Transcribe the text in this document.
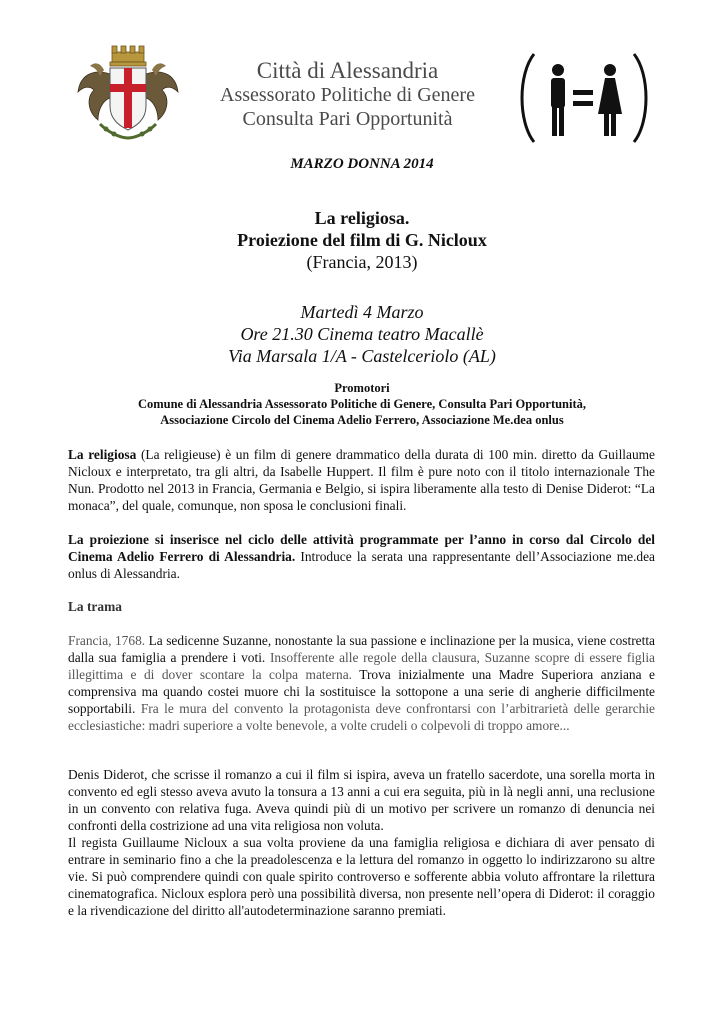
Città di Alessandria
Assessorato Politiche di Genere
Consulta Pari Opportunità
MARZO DONNA 2014
La religiosa.
Proiezione del film di G. Nicloux
(Francia, 2013)
Martedì 4 Marzo
Ore 21.30 Cinema teatro Macallè
Via Marsala 1/A - Castelceriolo (AL)
Promotori
Comune di Alessandria Assessorato Politiche di Genere, Consulta Pari Opportunità,
Associazione Circolo del Cinema Adelio Ferrero, Associazione Me.dea onlus
La religiosa (La religieuse) è un film di genere drammatico della durata di 100 min. diretto da Guillaume Nicloux e interpretato, tra gli altri, da Isabelle Huppert. Il film è pure noto con il titolo internazionale The Nun. Prodotto nel 2013 in Francia, Germania e Belgio, si ispira liberamente alla testo di Denise Diderot: “La monaca”, del quale, comunque, non sposa le conclusioni finali.
La proiezione si inserisce nel ciclo delle attività programmate per l’anno in corso dal Circolo del Cinema Adelio Ferrero di Alessandria. Introduce la serata una rappresentante dell’Associazione me.dea onlus di Alessandria.
La trama
Francia, 1768. La sedicenne Suzanne, nonostante la sua passione e inclinazione per la musica, viene costretta dalla sua famiglia a prendere i voti. Insofferente alle regole della clausura, Suzanne scopre di essere figlia illegittima e di dover scontare la colpa materna. Trova inizialmente una Madre Superiora anziana e comprensiva ma quando costei muore chi la sostituisce la sottopone a una serie di angherie difficilmente sopportabili. Fra le mura del convento la protagonista deve confrontarsi con l’arbitrarietà delle gerarchie ecclesiastiche: madri superiore a volte benevole, a volte crudeli o colpevoli di troppo amore...
Denis Diderot, che scrisse il romanzo a cui il film si ispira, aveva un fratello sacerdote, una sorella morta in convento ed egli stesso aveva avuto la tonsura a 13 anni a cui era seguita, più in là negli anni, una reclusione in un convento con relativa fuga. Aveva quindi più di un motivo per scrivere un romanzo di denuncia nei confronti della costrizione ad una vita religiosa non voluta.
Il regista Guillaume Nicloux a sua volta proviene da una famiglia religiosa e dichiara di aver pensato di entrare in seminario fino a che la preadolescenza e la lettura del romanzo in oggetto lo indirizzarono su altre vie. Si può comprendere quindi con quale spirito controverso e sofferente abbia voluto affrontare la rilettura cinematografica. Nicloux esplora però una possibilità diversa, non presente nell’opera di Diderot: il coraggio e la rivendicazione del diritto all'autodeterminazione saranno premiati.
